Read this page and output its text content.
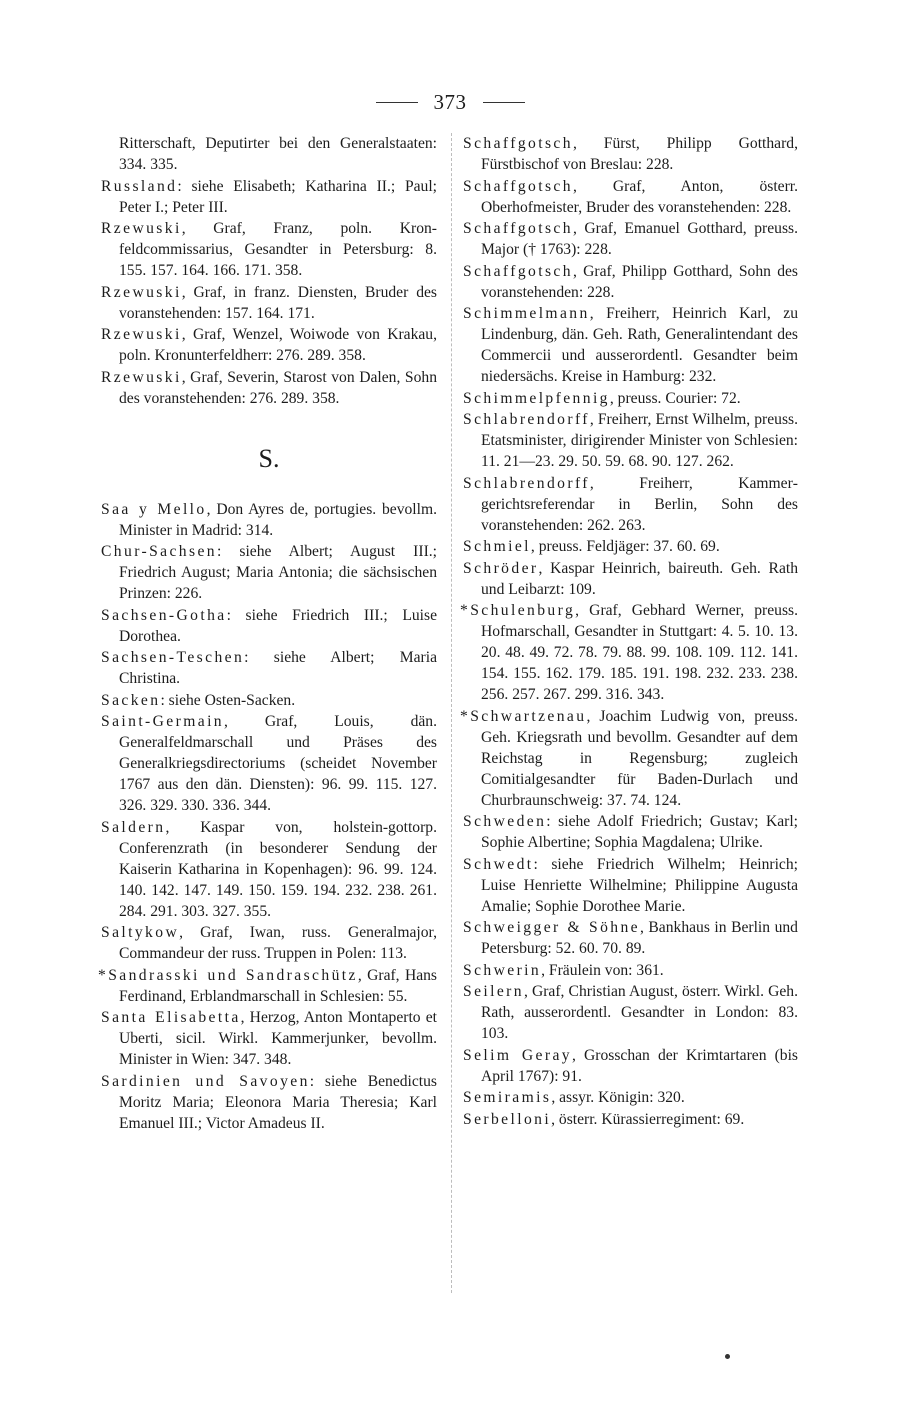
373
Ritterschaft, Deputirter bei den Generalstaaten: 334. 335.
Russland: siehe Elisabeth; Katharina II.; Paul; Peter I.; Peter III.
Rzewuski, Graf, Franz, poln. Kronfeldcommissarius, Gesandter in Petersburg: 8. 155. 157. 164. 166. 171. 358.
Rzewuski, Graf, in franz. Diensten, Bruder des voranstehenden: 157. 164. 171.
Rzewuski, Graf, Wenzel, Woiwode von Krakau, poln. Kronunterfeldherr: 276. 289. 358.
Rzewuski, Graf, Severin, Starost von Dalen, Sohn des voranstehenden: 276. 289. 358.
S.
Saa y Mello, Don Ayres de, portugies. bevollm. Minister in Madrid: 314.
Chur-Sachsen: siehe Albert; August III.; Friedrich August; Maria Antonia; die sächsischen Prinzen: 226.
Sachsen-Gotha: siehe Friedrich III.; Luise Dorothea.
Sachsen-Teschen: siehe Albert; Maria Christina.
Sacken: siehe Osten-Sacken.
Saint-Germain, Graf, Louis, dän. Generalfeldmarschall und Präses des Generalkriegsdirectoriums (scheidet November 1767 aus den dän. Diensten): 96. 99. 115. 127. 326. 329. 330. 336. 344.
Saldern, Kaspar von, holstein-gottorp. Conferenzrath (in besonderer Sendung der Kaiserin Katharina in Kopenhagen): 96. 99. 124. 140. 142. 147. 149. 150. 159. 194. 232. 238. 261. 284. 291. 303. 327. 355.
Saltykow, Graf, Iwan, russ. Generalmajor, Commandeur der russ. Truppen in Polen: 113.
*Sandrasski und Sandraschütz, Graf, Hans Ferdinand, Erblandmarschall in Schlesien: 55.
Santa Elisabetta, Herzog, Anton Montaperto et Uberti, sicil. Wirkl. Kammerjunker, bevollm. Minister in Wien: 347. 348.
Sardinien und Savoyen: siehe Benedictus Moritz Maria; Eleonora Maria Theresia; Karl Emanuel III.; Victor Amadeus II.
Schaffgotsch, Fürst, Philipp Gotthard, Fürstbischof von Breslau: 228.
Schaffgotsch, Graf, Anton, österr. Oberhofmeister, Bruder des voranstehenden: 228.
Schaffgotsch, Graf, Emanuel Gotthard, preuss. Major († 1763): 228.
Schaffgotsch, Graf, Philipp Gotthard, Sohn des voranstehenden: 228.
Schimmelmann, Freiherr, Heinrich Karl, zu Lindenburg, dän. Geh. Rath, Generalintendant des Commercii und ausserordentl. Gesandter beim niedersächs. Kreise in Hamburg: 232.
Schimmelpfennig, preuss. Courier: 72.
Schlabrendorff, Freiherr, Ernst Wilhelm, preuss. Etatsminister, dirigirender Minister von Schlesien: 11. 21—23. 29. 50. 59. 68. 90. 127. 262.
Schlabrendorff, Freiherr, Kammergerichtsreferendar in Berlin, Sohn des voranstehenden: 262. 263.
Schmiel, preuss. Feldjäger: 37. 60. 69.
Schröder, Kaspar Heinrich, baireuth. Geh. Rath und Leibarzt: 109.
*Schulenburg, Graf, Gebhard Werner, preuss. Hofmarschall, Gesandter in Stuttgart: 4. 5. 10. 13. 20. 48. 49. 72. 78. 79. 88. 99. 108. 109. 112. 141. 154. 155. 162. 179. 185. 191. 198. 232. 233. 238. 256. 257. 267. 299. 316. 343.
*Schwartzenau, Joachim Ludwig von, preuss. Geh. Kriegsrath und bevollm. Gesandter auf dem Reichstag in Regensburg; zugleich Comitialgesandter für Baden-Durlach und Churbraunschweig: 37. 74. 124.
Schweden: siehe Adolf Friedrich; Gustav; Karl; Sophie Albertine; Sophia Magdalena; Ulrike.
Schwedt: siehe Friedrich Wilhelm; Heinrich; Luise Henriette Wilhelmine; Philippine Augusta Amalie; Sophie Dorothee Marie.
Schweigger & Söhne, Bankhaus in Berlin und Petersburg: 52. 60. 70. 89.
Schwerin, Fräulein von: 361.
Seilern, Graf, Christian August, österr. Wirkl. Geh. Rath, ausserordentl. Gesandter in London: 83. 103.
Selim Geray, Grosschan der Krimtartaren (bis April 1767): 91.
Semiramis, assyr. Königin: 320.
Serbelloni, österr. Kürassierregiment: 69.
